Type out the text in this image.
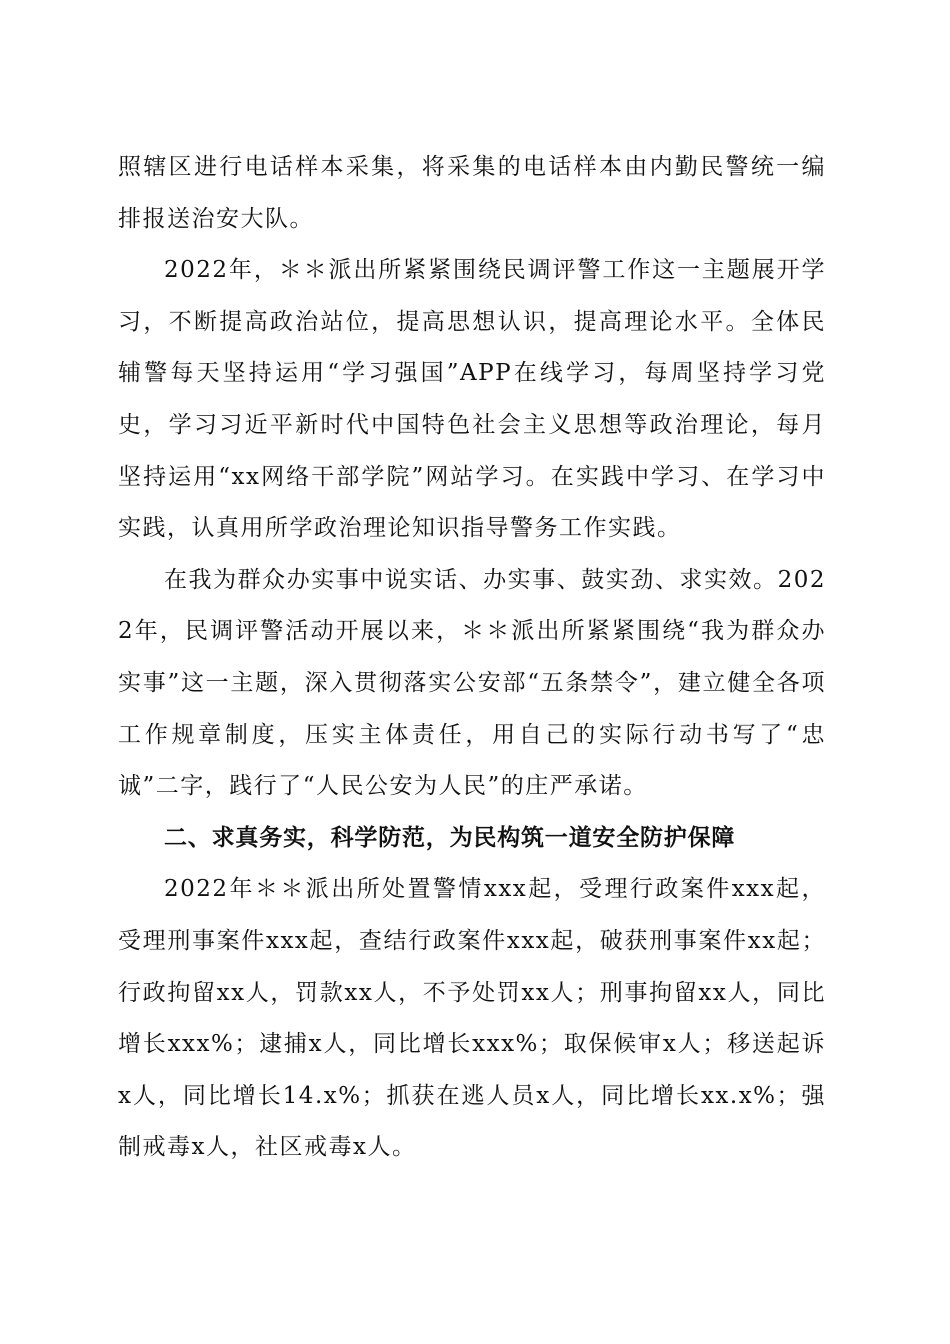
照辖区进行电话样本采集，将采集的电话样本由内勤民警统一编排报送治安大队。

2022年，＊＊派出所紧紧围绕民调评警工作这一主题展开学习，不断提高政治站位，提高思想认识，提高理论水平。全体民辅警每天坚持运用“学习强国”APP在线学习，每周坚持学习党史，学习习近平新时代中国特色社会主义思想等政治理论，每月坚持运用“xx网络干部学院”网站学习。在实践中学习、在学习中实践，认真用所学政治理论知识指导警务工作实践。

在我为群众办实事中说实话、办实事、鼓实劲、求实效。2022年，民调评警活动开展以来，＊＊派出所紧紧围绕“我为群众办实事”这一主题，深入贯彻落实公安部“五条禁令”，建立健全各项工作规章制度，压实主体责任，用自己的实际行动书写了“忠诚”二字，践行了“人民公安为人民”的庄严承诺。

二、求真务实，科学防范，为民构筑一道安全防护保障

2022年＊＊派出所处置警情xxx起，受理行政案件xxx起，受理刑事案件xxx起，查结行政案件xxx起，破获刑事案件xx起；行政拘留xx人，罚款xx人，不予处罚xx人；刑事拘留xx人，同比增长xxx%；逮捕x人，同比增长xxx%；取保候审x人；移送起诉x人，同比增长14.x%；抓获在逃人员x人，同比增长xx.x%；强制戒毒x人，社区戒毒x人。
